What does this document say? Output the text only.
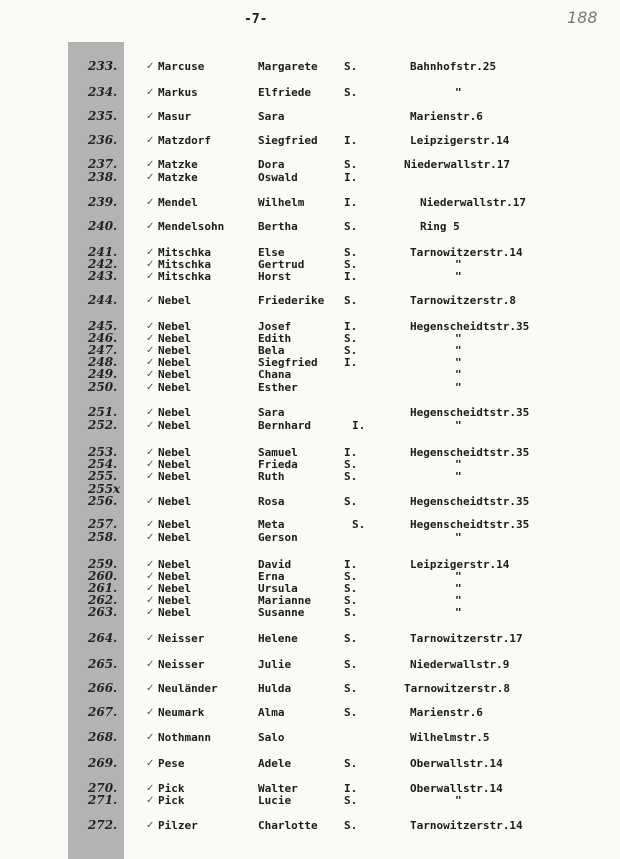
-7-	188
233.	✓ Marcuse	Margarete S.	Bahnhofstr.25
234.	✓ Markus	Elfriede	S.	"
235.	✓ Masur	Sara	Marienstr.6
236.	✓ Matzdorf	Siegfried I.	Leipzigerstr.14
237.	✓ Matzke	Dora	S.	Niederwallstr.17
238.	✓ Matzke	Oswald	I.
239.	✓ Mendel	Wilhelm	I.	Niederwallstr.17
240.	✓ Mendelsohn	Bertha	S.	Ring 5
241.	✓ Mitschka	Else	S.	Tarnowitzerstr.14
242.	✓ Mitschka	Gertrud	S.	"
243.	✓ Mitschka	Horst	I.	"
244.	✓ Nebel	Friederike S.	Tarnowitzerstr.8
245.	✓ Nebel	Josef	I.	Hegenscheidtstr.35
246.	✓ Nebel	Edith	S.	"
247.	✓ Nebel	Bela	S.	"
248.	✓ Nebel	Siegfried I.	"
249.	✓ Nebel	Chana	"
250.	✓ Nebel	Esther	"
251.	✓ Nebel	Sara	Hegenscheidtstr.35
252.	✓ Nebel	Bernhard	I.	"
253.	✓ Nebel	Samuel	I.	Hegenscheidtstr.35
254.	✓ Nebel	Frieda	S.	"
255.	✓ Nebel	Ruth	S.	"
255x
256.	✓ Nebel	Rosa	S.	Hegenscheidtstr.35
257.	✓ Nebel	Meta	S.	Hegenscheidtstr.35
258.	✓ Nebel	Gerson	"
259.	✓ Nebel	David	I.	Leipzigerstr.14
260.	✓ Nebel	Erna	S.	"
261.	✓ Nebel	Ursula	S.	"
262.	✓ Nebel	Marianne	S.	"
263.	✓ Nebel	Susanne	S.	"
264.	✓ Neisser	Helene	S.	Tarnowitzerstr.17
265.	✓ Neisser	Julie	S.	Niederwallstr.9
266.	✓ Neuländer	Hulda	S.	Tarnowitzerstr.8
267.	✓ Neumark	Alma	S.	Marienstr.6
268.	✓ Nothmann	Salo	Wilhelmstr.5
269.	✓ Pese	Adele	S.	Oberwallstr.14
270.	✓ Pick	Walter	I.	Oberwallstr.14
271.	✓ Pick	Lucie	S.	"
272.	✓ Pilzer	Charlotte S.	Tarnowitzerstr.14
